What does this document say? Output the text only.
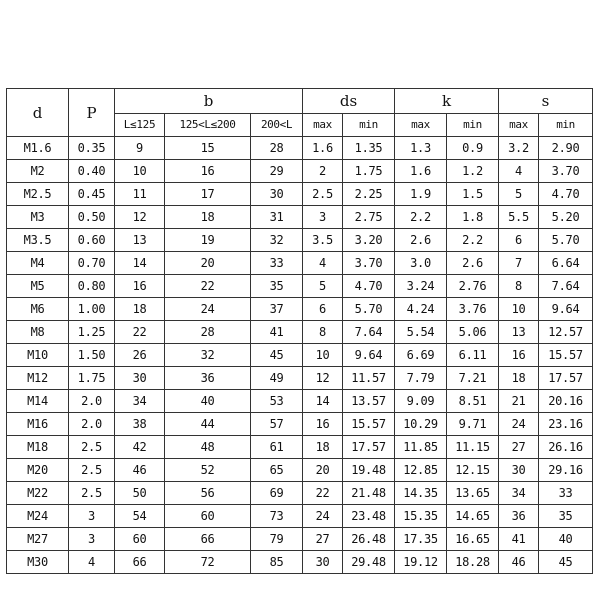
d	P	b			ds		k		s	
		L≤125	125<L≤200	200<L	max	min	max	min	max	min
M1.6	0.35	9	15	28	1.6	1.35	1.3	0.9	3.2	2.90
M2	0.40	10	16	29	2	1.75	1.6	1.2	4	3.70
M2.5	0.45	11	17	30	2.5	2.25	1.9	1.5	5	4.70
M3	0.50	12	18	31	3	2.75	2.2	1.8	5.5	5.20
M3.5	0.60	13	19	32	3.5	3.20	2.6	2.2	6	5.70
M4	0.70	14	20	33	4	3.70	3.0	2.6	7	6.64
M5	0.80	16	22	35	5	4.70	3.24	2.76	8	7.64
M6	1.00	18	24	37	6	5.70	4.24	3.76	10	9.64
M8	1.25	22	28	41	8	7.64	5.54	5.06	13	12.57
M10	1.50	26	32	45	10	9.64	6.69	6.11	16	15.57
M12	1.75	30	36	49	12	11.57	7.79	7.21	18	17.57
M14	2.0	34	40	53	14	13.57	9.09	8.51	21	20.16
M16	2.0	38	44	57	16	15.57	10.29	9.71	24	23.16
M18	2.5	42	48	61	18	17.57	11.85	11.15	27	26.16
M20	2.5	46	52	65	20	19.48	12.85	12.15	30	29.16
M22	2.5	50	56	69	22	21.48	14.35	13.65	34	33
M24	3	54	60	73	24	23.48	15.35	14.65	36	35
M27	3	60	66	79	27	26.48	17.35	16.65	41	40
M30	4	66	72	85	30	29.48	19.12	18.28	46	45
